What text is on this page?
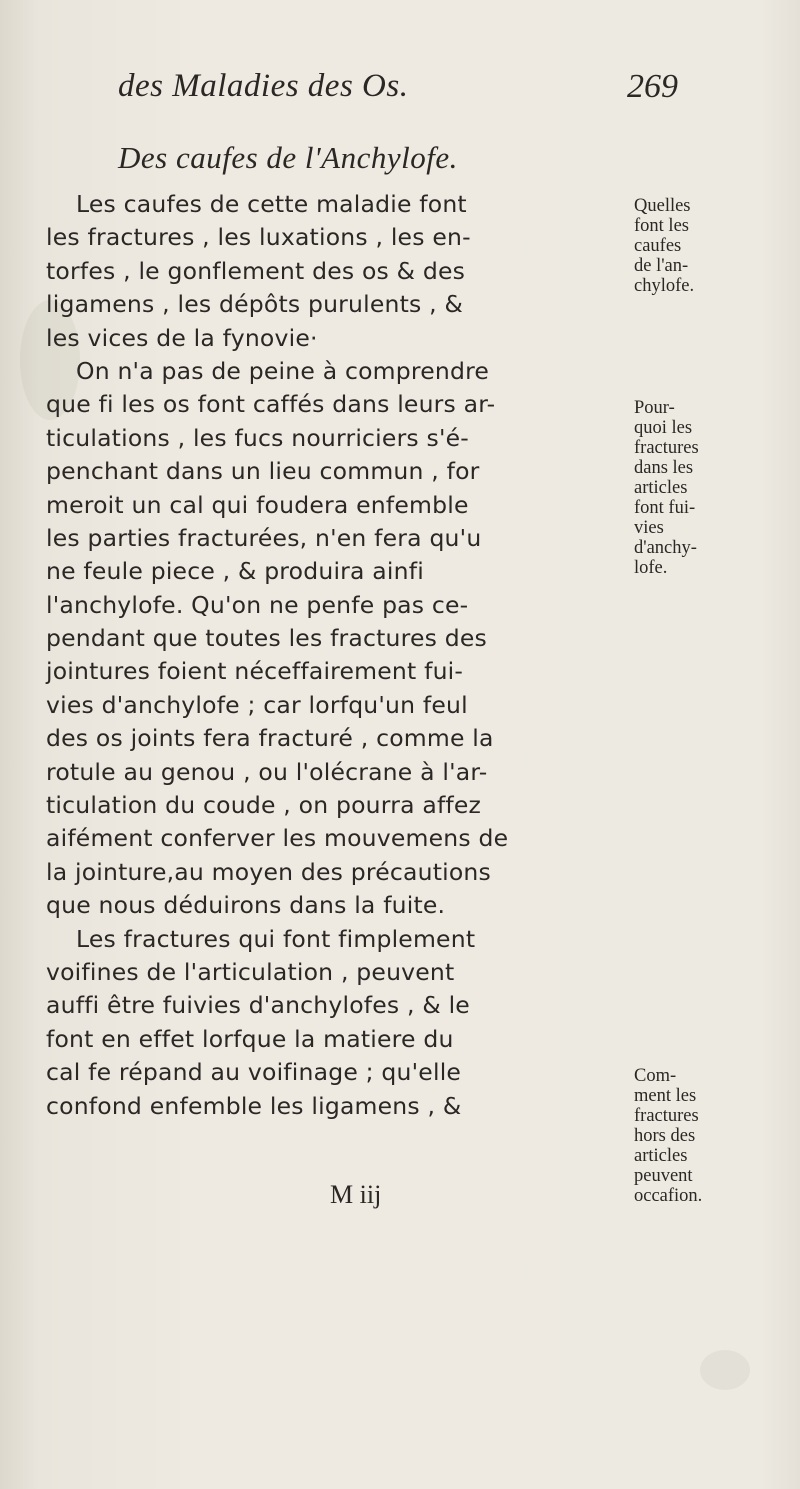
des Maladies des Os.	269
Des caufes de l'Anchylofe.
Les caufes de cette maladie font
les fractures , les luxations , les en-
torfes , le gonflement des os & des
ligamens , les dépôts purulents , &
les vices de la fynovie·
On n'a pas de peine à comprendre
que fi les os font caffés dans leurs ar-
ticulations , les fucs nourriciers s'é-
penchant dans un lieu commun , for
meroit un cal qui foudera enfemble
les parties fracturées, n'en fera qu'u
ne feule piece , & produira ainfi
l'anchylofe. Qu'on ne penfe pas ce-
pendant que toutes les fractures des
jointures foient néceffairement fui-
vies d'anchylofe ; car lorfqu'un feul
des os joints fera fracturé , comme la
rotule au genou , ou l'olécrane à l'ar-
ticulation du coude , on pourra affez
aifément conferver les mouvemens de
la jointure,au moyen des précautions
que nous déduirons dans la fuite.
Les fractures qui font fimplement
voifines de l'articulation , peuvent
auffi être fuivies d'anchylofes , & le
font en effet lorfque la matiere du
cal fe répand au voifinage ; qu'elle
confond enfemble les ligamens , &
Quelles
font les
caufes
de l'an-
chylofe.
Pour-
quoi les
fractures
dans les
articles
font fui-
vies
d'anchy-
lofe.
Com-
ment les
fractures
hors des
articles
peuvent
occafion.
M iij
